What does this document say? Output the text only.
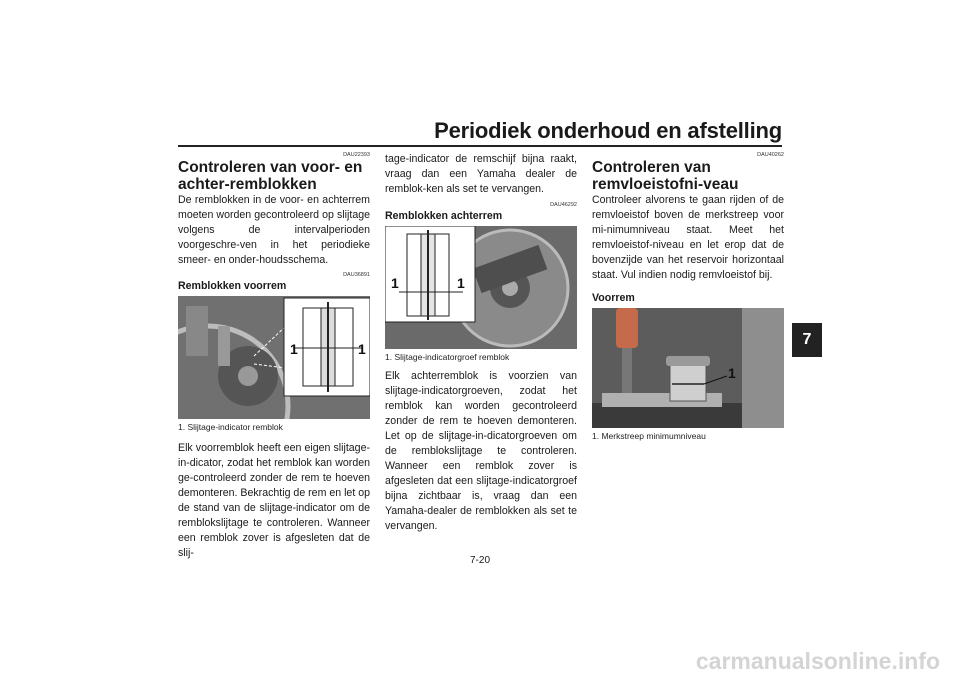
Periodiek onderhoud en afstelling
7
DAU22393
Controleren van voor- en achter-remblokken

De remblokken in de voor- en achterrem moeten worden gecontroleerd op slijtage volgens de intervalperioden voorgeschre-ven in het periodieke smeer- en onder-houdsschema.

DAU36891
Remblokken voorrem
1	1
1. Slijtage-indicator remblok

Elk voorremblok heeft een eigen slijtage-in-dicator, zodat het remblok kan worden ge-controleerd zonder de rem te hoeven demonteren. Bekrachtig de rem en let op de stand van de slijtage-indicator om de remblokslijtage te controleren. Wanneer een remblok zover is afgesleten dat de slij-

tage-indicator de remschijf bijna raakt, vraag dan een Yamaha dealer de remblok-ken als set te vervangen.

DAU46292
Remblokken achterrem
1	1
1. Slijtage-indicatorgroef remblok

Elk achterremblok is voorzien van slijtage-indicatorgroeven, zodat het remblok kan worden gecontroleerd zonder de rem te hoeven demonteren. Let op de slijtage-in-dicatorgroeven om de remblokslijtage te controleren. Wanneer een remblok zover is afgesleten dat een slijtage-indicatorgroef bijna zichtbaar is, vraag dan een Yamaha-dealer de remblokken als set te vervangen.

DAU40262
Controleren van remvloeistofni-veau

Controleer alvorens te gaan rijden of de remvloeistof boven de merkstreep voor mi-nimumniveau staat. Meet het remvloeistof-niveau en let erop dat de bovenzijde van het reservoir horizontaal staat. Vul indien nodig remvloeistof bij.

Voorrem
1
1. Merkstreep minimumniveau
7-20
carmanualsonline.info
